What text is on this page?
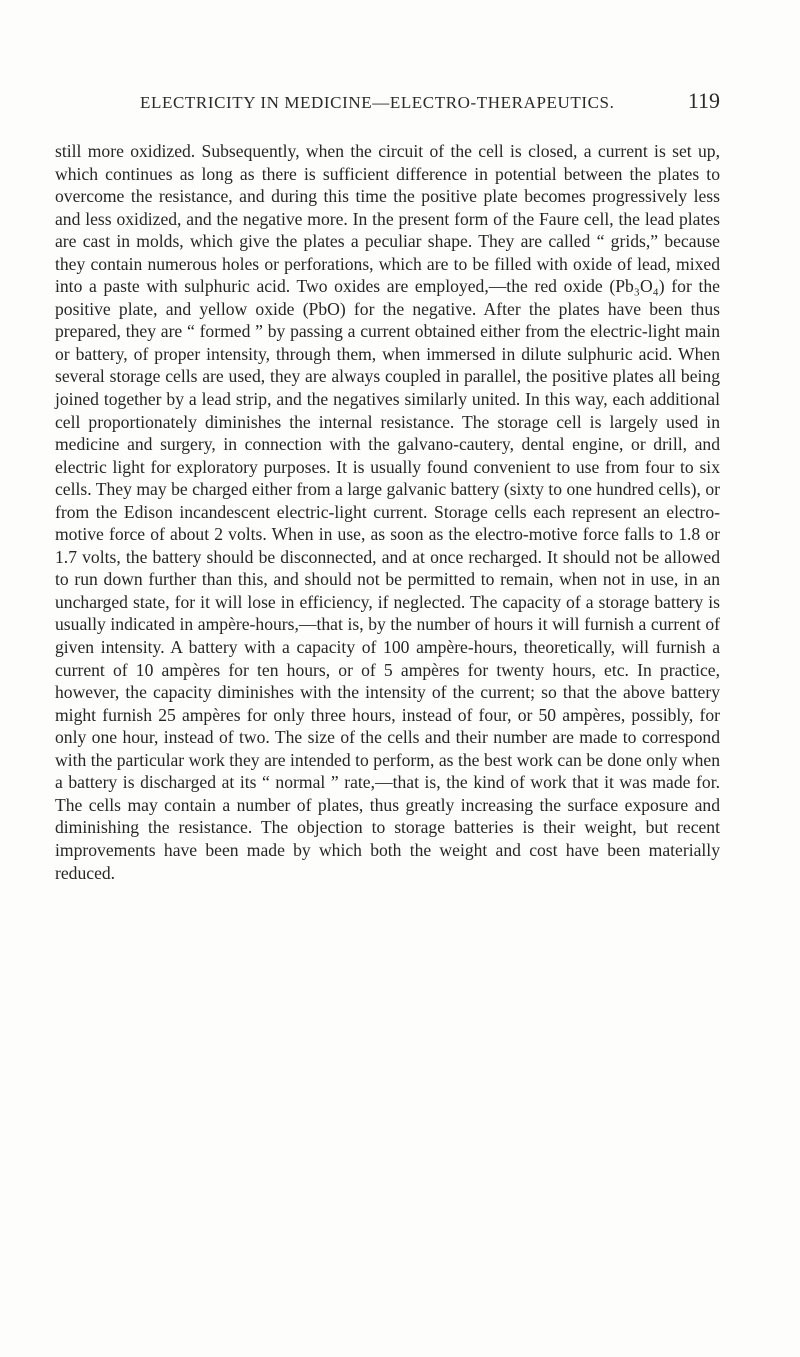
ELECTRICITY IN MEDICINE—ELECTRO-THERAPEUTICS.	119

still more oxidized. Subsequently, when the circuit of the cell is closed, a current is set up, which continues as long as there is sufficient difference in potential between the plates to overcome the resistance, and during this time the positive plate becomes progressively less and less oxidized, and the negative more. In the present form of the Faure cell, the lead plates are cast in molds, which give the plates a peculiar shape. They are called “ grids,” because they contain numerous holes or perforations, which are to be filled with oxide of lead, mixed into a paste with sulphuric acid. Two oxides are employed,—the red oxide (Pb₃O₄) for the positive plate, and yellow oxide (PbO) for the negative. After the plates have been thus prepared, they are “ formed ” by passing a current obtained either from the electric-light main or battery, of proper intensity, through them, when immersed in dilute sulphuric acid. When several storage cells are used, they are always coupled in parallel, the positive plates all being joined together by a lead strip, and the negatives similarly united. In this way, each additional cell proportionately diminishes the internal resistance. The storage cell is largely used in medicine and surgery, in connection with the galvano-cautery, dental engine, or drill, and electric light for exploratory purposes. It is usually found convenient to use from four to six cells. They may be charged either from a large galvanic battery (sixty to one hundred cells), or from the Edison incandescent electric-light current. Storage cells each represent an electro-motive force of about 2 volts. When in use, as soon as the electro-motive force falls to 1.8 or 1.7 volts, the battery should be disconnected, and at once recharged. It should not be allowed to run down further than this, and should not be permitted to remain, when not in use, in an uncharged state, for it will lose in efficiency, if neglected. The capacity of a storage battery is usually indicated in ampère-hours,—that is, by the number of hours it will furnish a current of given intensity. A battery with a capacity of 100 ampère-hours, theoretically, will furnish a current of 10 ampères for ten hours, or of 5 ampères for twenty hours, etc. In practice, however, the capacity diminishes with the intensity of the current; so that the above battery might furnish 25 ampères for only three hours, instead of four, or 50 ampères, possibly, for only one hour, instead of two. The size of the cells and their number are made to correspond with the particular work they are intended to perform, as the best work can be done only when a battery is discharged at its “ normal ” rate,—that is, the kind of work that it was made for. The cells may contain a number of plates, thus greatly increasing the surface exposure and diminishing the resistance. The objection to storage batteries is their weight, but recent improvements have been made by which both the weight and cost have been materially reduced.
